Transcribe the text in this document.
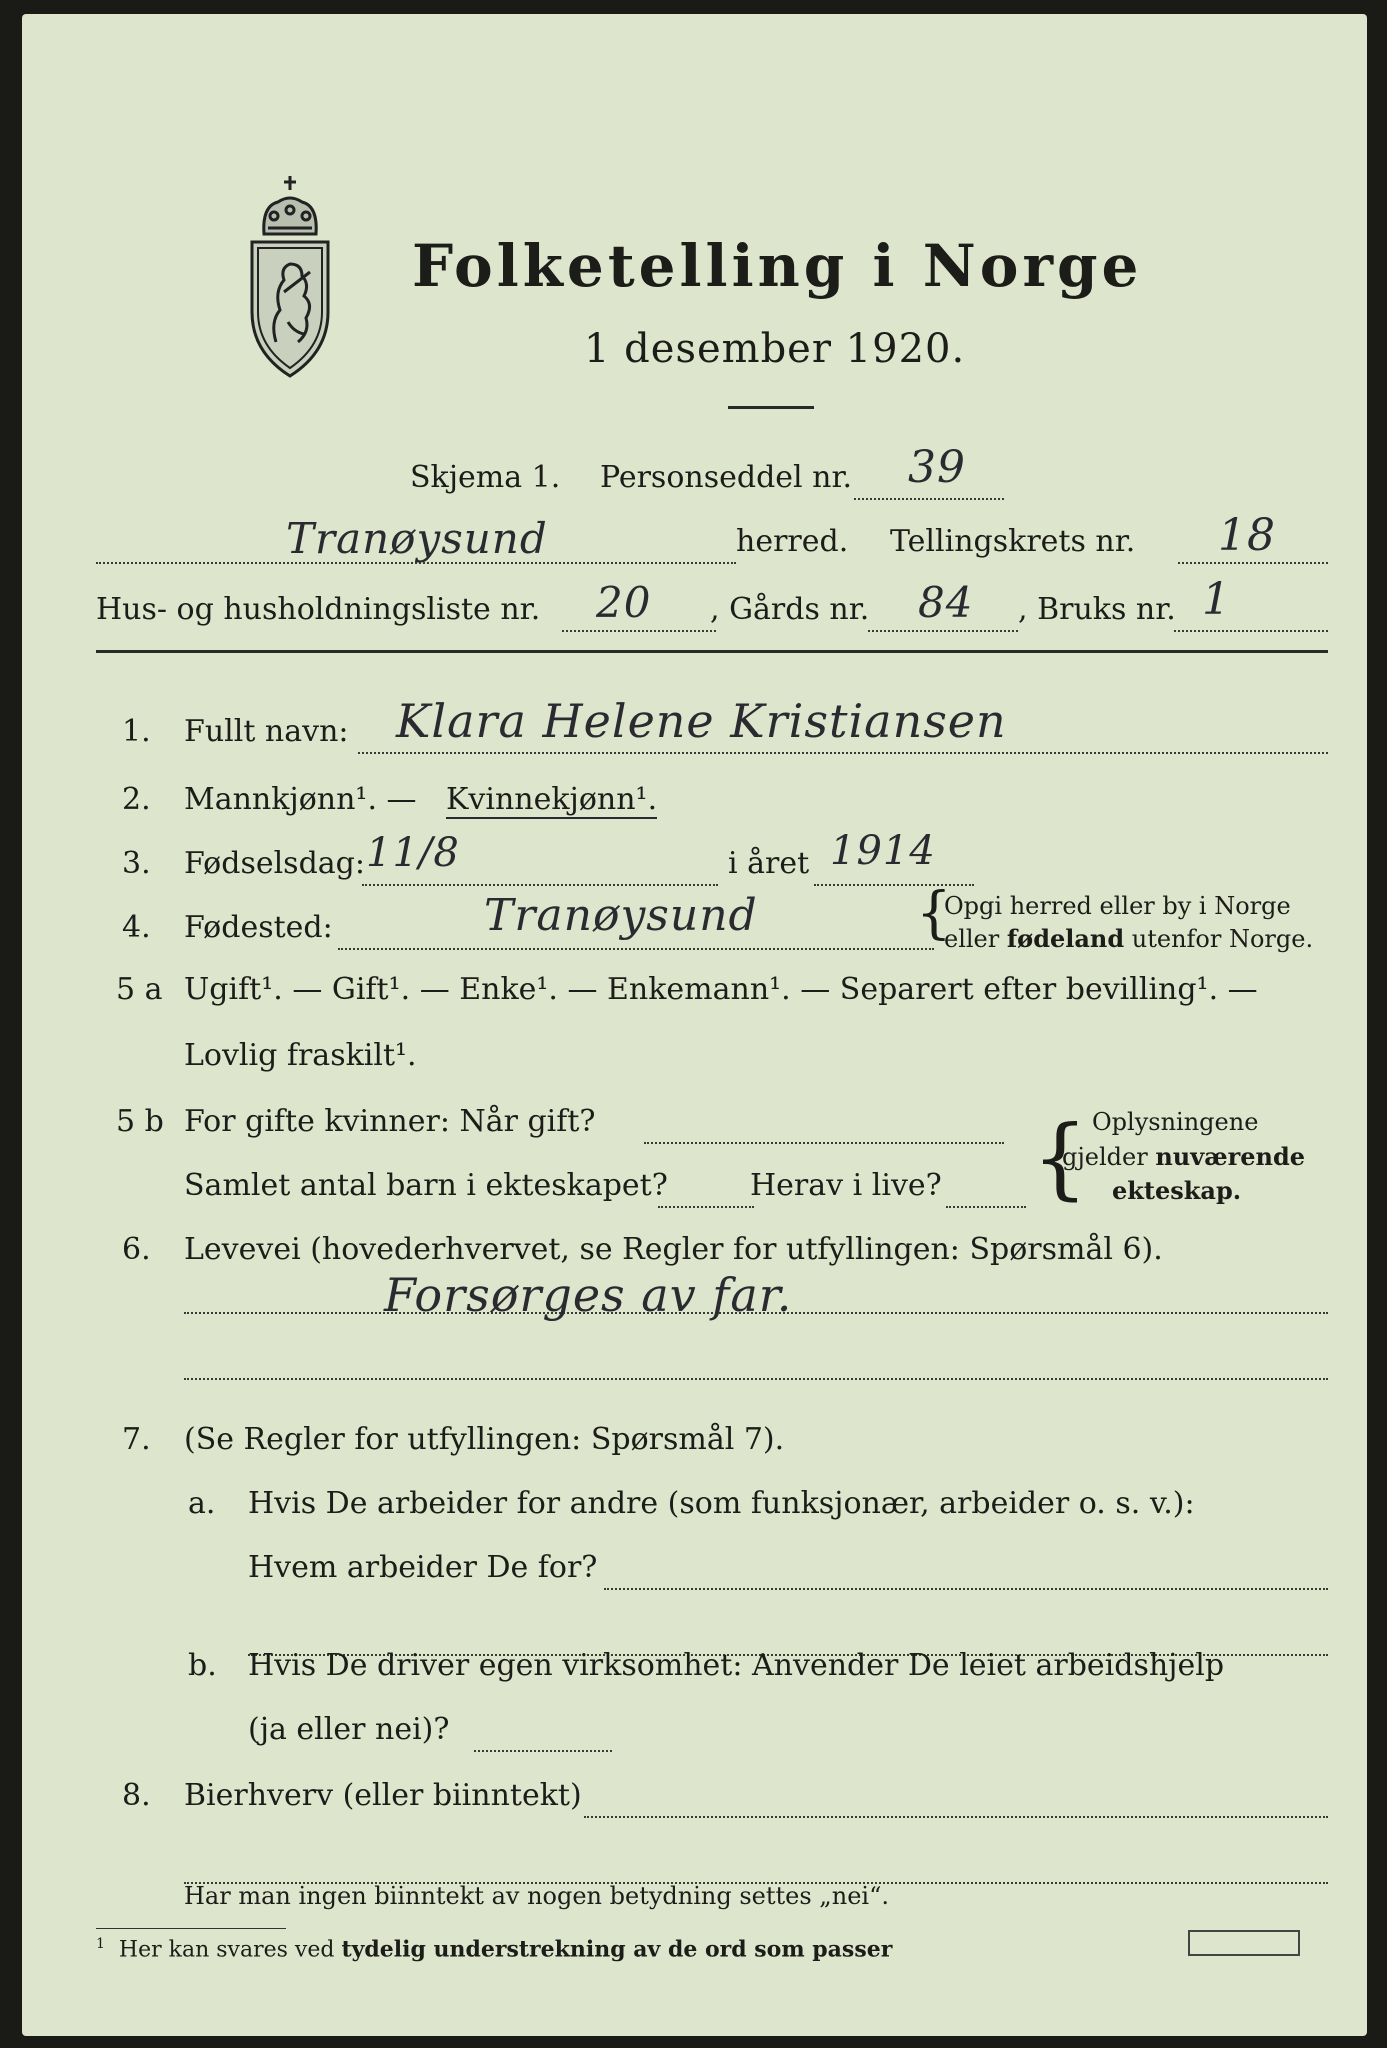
Folketelling i Norge
1 desember 1920.
Skjema 1. Personseddel nr. 39
Tranøysund	herred. Tellingskrets nr. 18
Hus- og husholdningsliste nr. 20 , Gårds nr. 84 , Bruks nr. 1
1. Fullt navn: Klara Helene Kristiansen
2. Mannkjønn¹. — Kvinnekjønn¹.
3. Fødselsdag: 11/8	i året 1914
4. Fødested:	Tranøysund	{
Opgi herred eller by i Norge
eller fødeland utenfor Norge.
5 a Ugift¹. — Gift¹. — Enke¹. — Enkemann¹. — Separert efter bevilling¹. —
Lovlig fraskilt¹.
5 b For gifte kvinner: Når gift?
Samlet antal barn i ekteskapet?	Herav i live? { Oplysningene
gjelder nuværende
ekteskap.
6. Levevei (hovederhvervet, se Regler for utfyllingen: Spørsmål 6).
Forsørges av far.
7. (Se Regler for utfyllingen: Spørsmål 7).
a. Hvis De arbeider for andre (som funksjonær, arbeider o. s. v.):
Hvem arbeider De for?
b. Hvis De driver egen virksomhet: Anvender De leiet arbeidshjelp
(ja eller nei)?
8. Bierhverv (eller biinntekt)
Har man ingen biinntekt av nogen betydning settes „nei“.
$^1$ Her kan svares ved tydelig understrekning av de ord som passer
